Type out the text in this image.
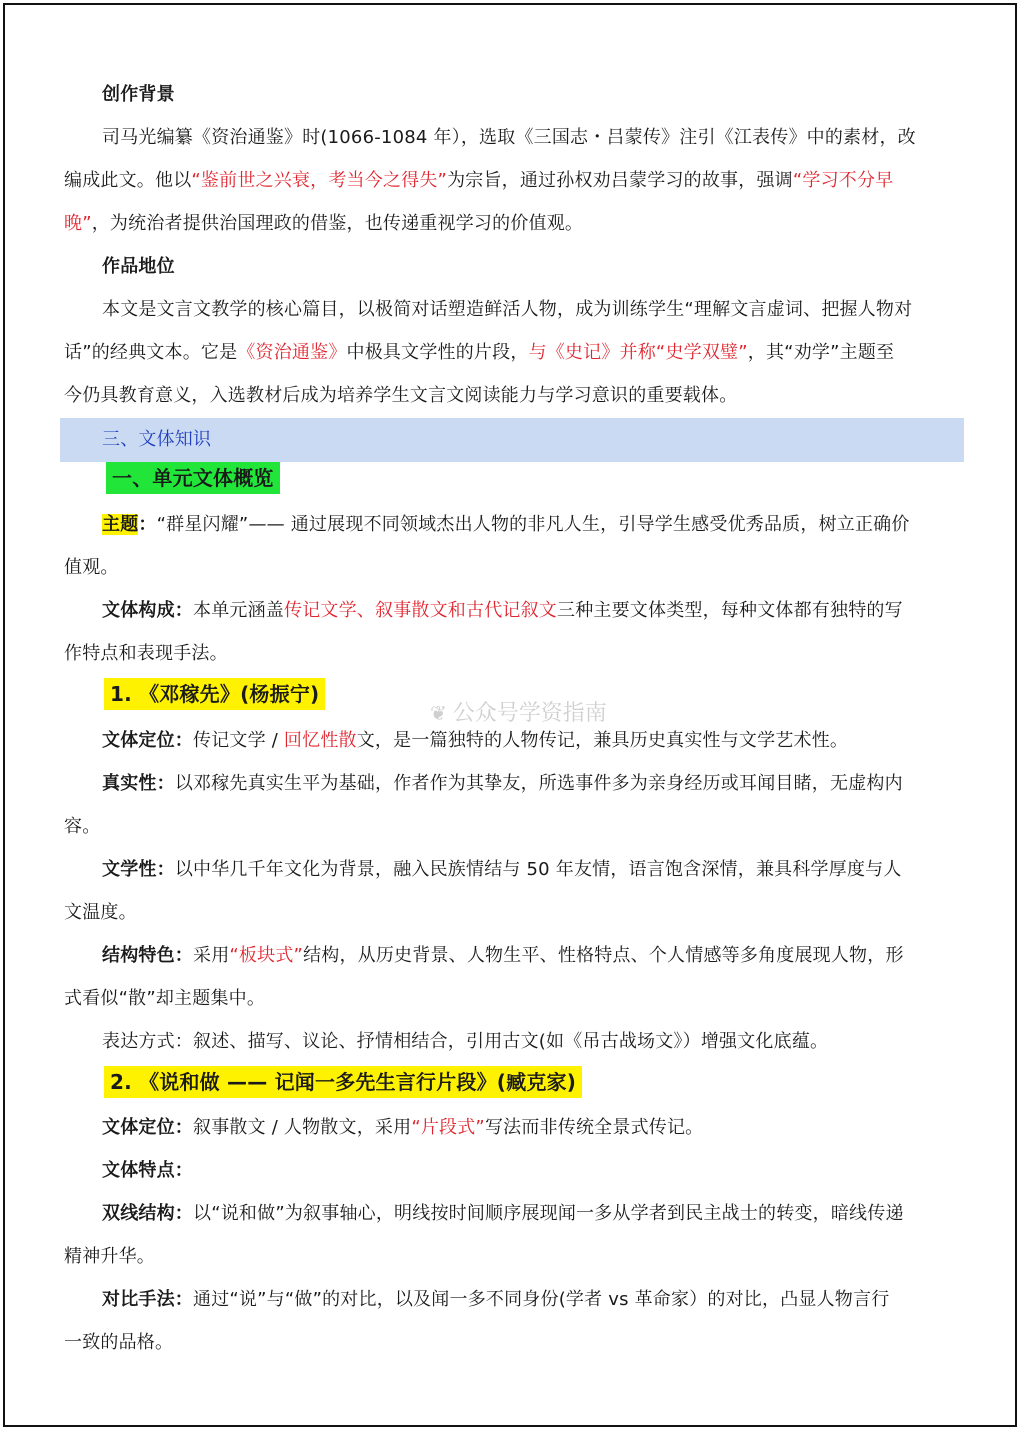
创作背景
司马光编纂《资治通鉴》时(1066-1084 年），选取《三国志・吕蒙传》注引《江表传》中的素材，改
编成此文。他以“鉴前世之兴衰，考当今之得失”为宗旨，通过孙权劝吕蒙学习的故事，强调“学习不分早
晚”，为统治者提供治国理政的借鉴，也传递重视学习的价值观。
作品地位
本文是文言文教学的核心篇目，以极简对话塑造鲜活人物，成为训练学生“理解文言虚词、把握人物对
话”的经典文本。它是《资治通鉴》中极具文学性的片段，与《史记》并称“史学双璧”，其“劝学”主题至
今仍具教育意义，入选教材后成为培养学生文言文阅读能力与学习意识的重要载体。
三、文体知识
一、单元文体概览
主题：“群星闪耀”—— 通过展现不同领域杰出人物的非凡人生，引导学生感受优秀品质，树立正确价
值观。
文体构成：本单元涵盖传记文学、叙事散文和古代记叙文三种主要文体类型，每种文体都有独特的写
作特点和表现手法。
1. 《邓稼先》(杨振宁)
文体定位：传记文学 / 回忆性散文，是一篇独特的人物传记，兼具历史真实性与文学艺术性。
真实性：以邓稼先真实生平为基础，作者作为其挚友，所选事件多为亲身经历或耳闻目睹，无虚构内
容。
文学性：以中华几千年文化为背景，融入民族情结与 50 年友情，语言饱含深情，兼具科学厚度与人
文温度。
结构特色：采用“板块式”结构，从历史背景、人物生平、性格特点、个人情感等多角度展现人物，形
式看似“散”却主题集中。
表达方式：叙述、描写、议论、抒情相结合，引用古文(如《吊古战场文》）增强文化底蕴。
2. 《说和做 —— 记闻一多先生言行片段》(臧克家)
文体定位：叙事散文 / 人物散文，采用“片段式”写法而非传统全景式传记。
文体特点：
双线结构：以“说和做”为叙事轴心，明线按时间顺序展现闻一多从学者到民主战士的转变，暗线传递
精神升华。
对比手法：通过“说”与“做”的对比，以及闻一多不同身份(学者 vs 革命家）的对比，凸显人物言行
一致的品格。
❦ 公众号学资指南
